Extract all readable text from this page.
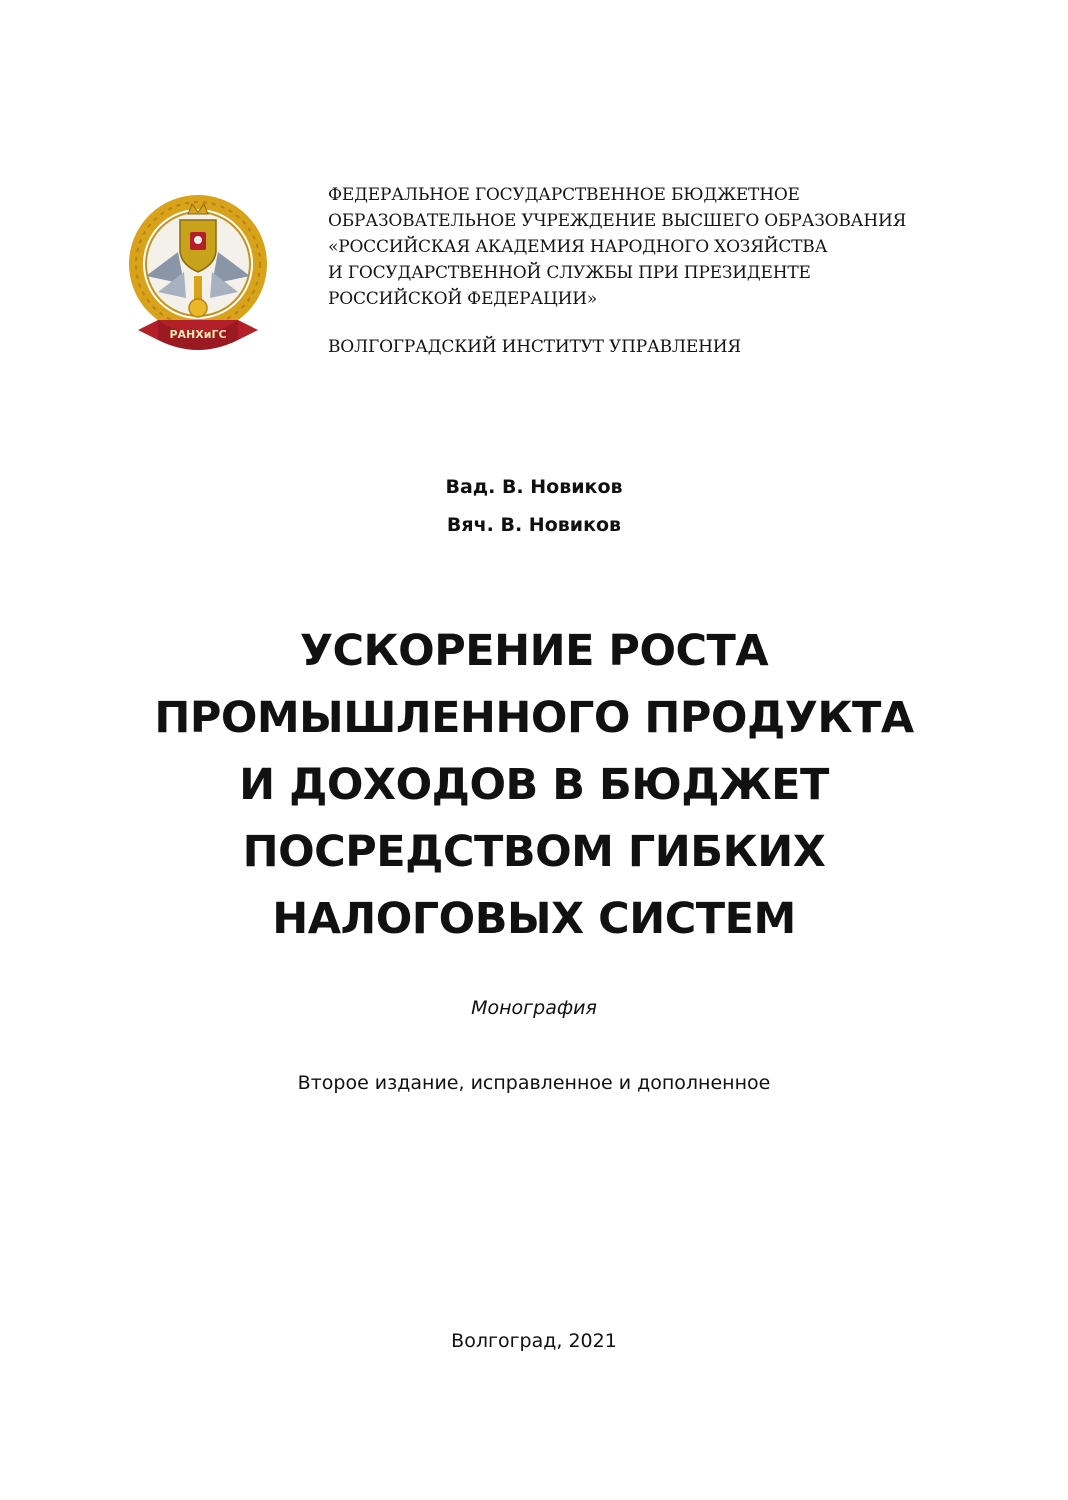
РАНХиГС
ФЕДЕРАЛЬНОЕ ГОСУДАРСТВЕННОЕ БЮДЖЕТНОЕ
ОБРАЗОВАТЕЛЬНОЕ УЧРЕЖДЕНИЕ ВЫСШЕГО ОБРАЗОВАНИЯ
«РОССИЙСКАЯ АКАДЕМИЯ НАРОДНОГО ХОЗЯЙСТВА
И ГОСУДАРСТВЕННОЙ СЛУЖБЫ ПРИ ПРЕЗИДЕНТЕ
РОССИЙСКОЙ ФЕДЕРАЦИИ»
ВОЛГОГРАДСКИЙ ИНСТИТУТ УПРАВЛЕНИЯ
Вад. В. Новиков
Вяч. В. Новиков
УСКОРЕНИЕ РОСТА
ПРОМЫШЛЕННОГО ПРОДУКТА
И ДОХОДОВ В БЮДЖЕТ
ПОСРЕДСТВОМ ГИБКИХ
НАЛОГОВЫХ СИСТЕМ
Монография
Второе издание, исправленное и дополненное
Волгоград, 2021
